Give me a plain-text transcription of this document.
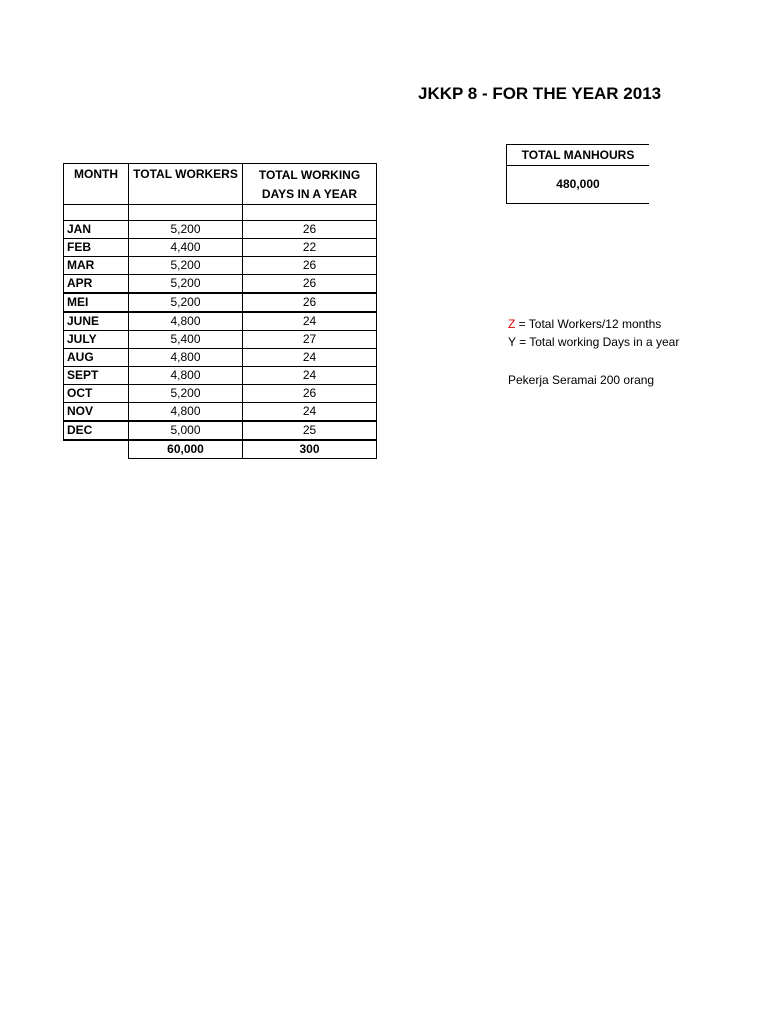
JKKP 8 - FOR THE YEAR 2013
MONTH	TOTAL WORKERS	TOTAL WORKING
DAYS IN A YEAR

JAN	5,200	26
FEB	4,400	22
MAR	5,200	26
APR	5,200	26
MEI	5,200	26
JUNE	4,800	24
JULY	5,400	27
AUG	4,800	24
SEPT	4,800	24
OCT	5,200	26
NOV	4,800	24
DEC	5,000	25
	60,000	300
TOTAL MANHOURS
480,000
Z = Total Workers/12 months
Y = Total working Days in a year
Pekerja Seramai 200 orang
